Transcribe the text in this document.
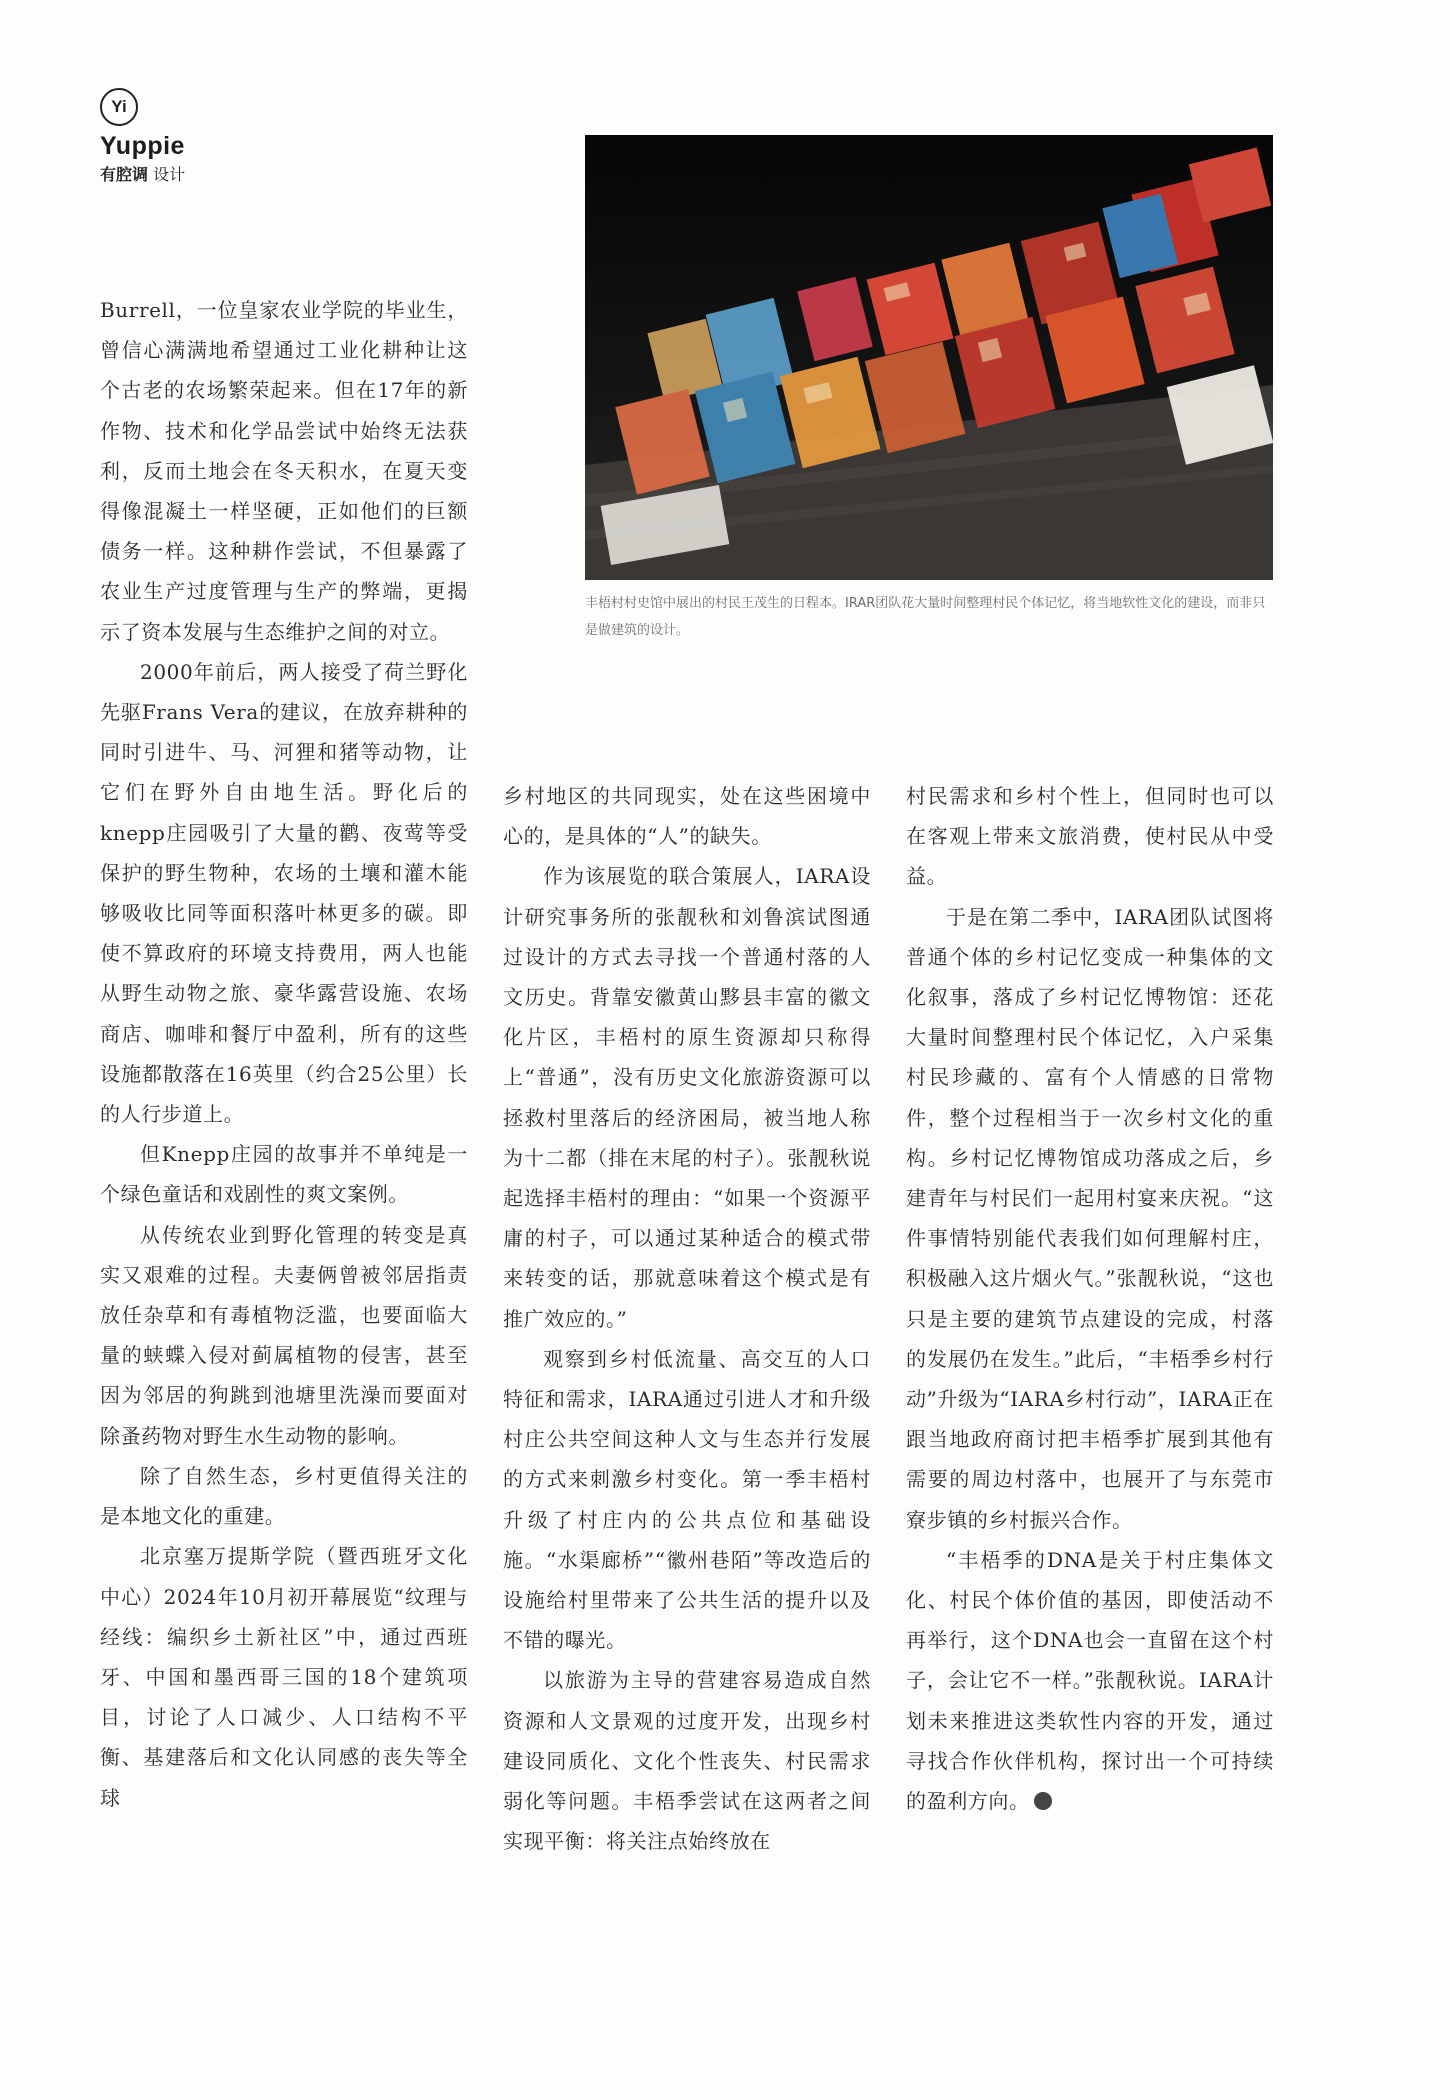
Yi
Yuppie
有腔调 设计
丰梧村村史馆中展出的村民王茂生的日程本。IRAR团队花大量时间整理村民个体记忆，将当地软性文化的建设，而非只是做建筑的设计。

Burrell，一位皇家农业学院的毕业生，曾信心满满地希望通过工业化耕种让这个古老的农场繁荣起来。但在17年的新作物、技术和化学品尝试中始终无法获利，反而土地会在冬天积水，在夏天变得像混凝土一样坚硬，正如他们的巨额债务一样。这种耕作尝试，不但暴露了农业生产过度管理与生产的弊端，更揭示了资本发展与生态维护之间的对立。

2000年前后，两人接受了荷兰野化先驱Frans Vera的建议，在放弃耕种的同时引进牛、马、河狸和猪等动物，让它们在野外自由地生活。野化后的knepp庄园吸引了大量的鹳、夜莺等受保护的野生物种，农场的土壤和灌木能够吸收比同等面积落叶林更多的碳。即使不算政府的环境支持费用，两人也能从野生动物之旅、豪华露营设施、农场商店、咖啡和餐厅中盈利，所有的这些设施都散落在16英里（约合25公里）长的人行步道上。

但Knepp庄园的故事并不单纯是一个绿色童话和戏剧性的爽文案例。

从传统农业到野化管理的转变是真实又艰难的过程。夫妻俩曾被邻居指责放任杂草和有毒植物泛滥，也要面临大量的蛱蝶入侵对蓟属植物的侵害，甚至因为邻居的狗跳到池塘里洗澡而要面对除蚤药物对野生水生动物的影响。

除了自然生态，乡村更值得关注的是本地文化的重建。

北京塞万提斯学院（暨西班牙文化中心）2024年10月初开幕展览“纹理与经线：编织乡土新社区”中，通过西班牙、中国和墨西哥三国的18个建筑项目，讨论了人口减少、人口结构不平衡、基建落后和文化认同感的丧失等全球

乡村地区的共同现实，处在这些困境中心的，是具体的“人”的缺失。

作为该展览的联合策展人，IARA设计研究事务所的张靓秋和刘鲁滨试图通过设计的方式去寻找一个普通村落的人文历史。背靠安徽黄山黟县丰富的徽文化片区，丰梧村的原生资源却只称得上“普通”，没有历史文化旅游资源可以拯救村里落后的经济困局，被当地人称为十二都（排在末尾的村子）。张靓秋说起选择丰梧村的理由：“如果一个资源平庸的村子，可以通过某种适合的模式带来转变的话，那就意味着这个模式是有推广效应的。”

观察到乡村低流量、高交互的人口特征和需求，IARA通过引进人才和升级村庄公共空间这种人文与生态并行发展的方式来刺激乡村变化。第一季丰梧村升级了村庄内的公共点位和基础设施。“水渠廊桥”“徽州巷陌”等改造后的设施给村里带来了公共生活的提升以及不错的曝光。

以旅游为主导的营建容易造成自然资源和人文景观的过度开发，出现乡村建设同质化、文化个性丧失、村民需求弱化等问题。丰梧季尝试在这两者之间实现平衡：将关注点始终放在

村民需求和乡村个性上，但同时也可以在客观上带来文旅消费，使村民从中受益。

于是在第二季中，IARA团队试图将普通个体的乡村记忆变成一种集体的文化叙事，落成了乡村记忆博物馆：还花大量时间整理村民个体记忆，入户采集村民珍藏的、富有个人情感的日常物件，整个过程相当于一次乡村文化的重构。乡村记忆博物馆成功落成之后，乡建青年与村民们一起用村宴来庆祝。“这件事情特别能代表我们如何理解村庄，积极融入这片烟火气。”张靓秋说，“这也只是主要的建筑节点建设的完成，村落的发展仍在发生。”此后，“丰梧季乡村行动”升级为“IARA乡村行动”，IARA正在跟当地政府商讨把丰梧季扩展到其他有需要的周边村落中，也展开了与东莞市寮步镇的乡村振兴合作。

“丰梧季的DNA是关于村庄集体文化、村民个体价值的基因，即使活动不再举行，这个DNA也会一直留在这个村子，会让它不一样。”张靓秋说。IARA计划未来推进这类软性内容的开发，通过寻找合作伙伴机构，探讨出一个可持续的盈利方向。
